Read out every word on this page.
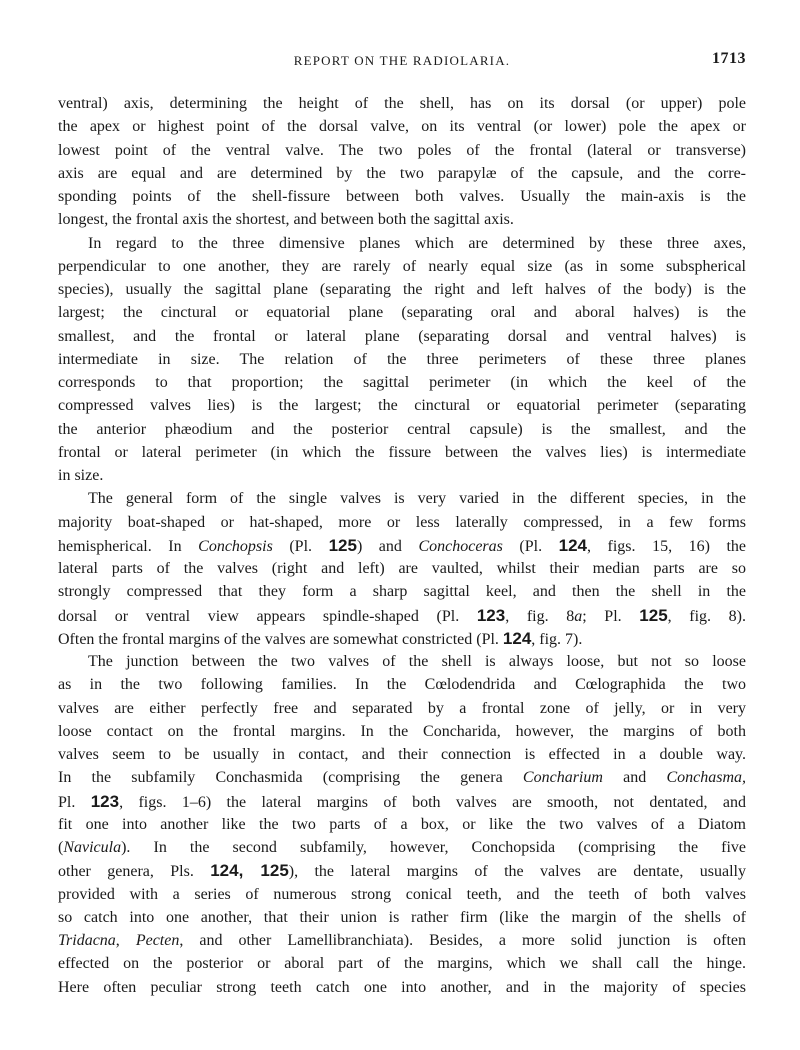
REPORT ON THE RADIOLARIA.	1713
ventral) axis, determining the height of the shell, has on its dorsal (or upper) pole
the apex or highest point of the dorsal valve, on its ventral (or lower) pole the apex or
lowest point of the ventral valve. The two poles of the frontal (lateral or transverse)
axis are equal and are determined by the two parapylæ of the capsule, and the corre-
sponding points of the shell-fissure between both valves. Usually the main-axis is the
longest, the frontal axis the shortest, and between both the sagittal axis.
In regard to the three dimensive planes which are determined by these three axes,
perpendicular to one another, they are rarely of nearly equal size (as in some subspherical
species), usually the sagittal plane (separating the right and left halves of the body) is the
largest; the cinctural or equatorial plane (separating oral and aboral halves) is the
smallest, and the frontal or lateral plane (separating dorsal and ventral halves) is
intermediate in size. The relation of the three perimeters of these three planes
corresponds to that proportion; the sagittal perimeter (in which the keel of the
compressed valves lies) is the largest; the cinctural or equatorial perimeter (separating
the anterior phæodium and the posterior central capsule) is the smallest, and the
frontal or lateral perimeter (in which the fissure between the valves lies) is intermediate
in size.
The general form of the single valves is very varied in the different species, in the
majority boat-shaped or hat-shaped, more or less laterally compressed, in a few forms
hemispherical. In Conchopsis (Pl. 125) and Conchoceras (Pl. 124, figs. 15, 16) the
lateral parts of the valves (right and left) are vaulted, whilst their median parts are so
strongly compressed that they form a sharp sagittal keel, and then the shell in the
dorsal or ventral view appears spindle-shaped (Pl. 123, fig. 8a; Pl. 125, fig. 8).
Often the frontal margins of the valves are somewhat constricted (Pl. 124, fig. 7).
The junction between the two valves of the shell is always loose, but not so loose
as in the two following families. In the Cœlodendrida and Cœlographida the two
valves are either perfectly free and separated by a frontal zone of jelly, or in very
loose contact on the frontal margins. In the Concharida, however, the margins of both
valves seem to be usually in contact, and their connection is effected in a double way.
In the subfamily Conchasmida (comprising the genera Concharium and Conchasma,
Pl. 123, figs. 1–6) the lateral margins of both valves are smooth, not dentated, and
fit one into another like the two parts of a box, or like the two valves of a Diatom
(Navicula). In the second subfamily, however, Conchopsida (comprising the five
other genera, Pls. 124, 125), the lateral margins of the valves are dentate, usually
provided with a series of numerous strong conical teeth, and the teeth of both valves
so catch into one another, that their union is rather firm (like the margin of the shells of
Tridacna, Pecten, and other Lamellibranchiata). Besides, a more solid junction is often
effected on the posterior or aboral part of the margins, which we shall call the hinge.
Here often peculiar strong teeth catch one into another, and in the majority of species
